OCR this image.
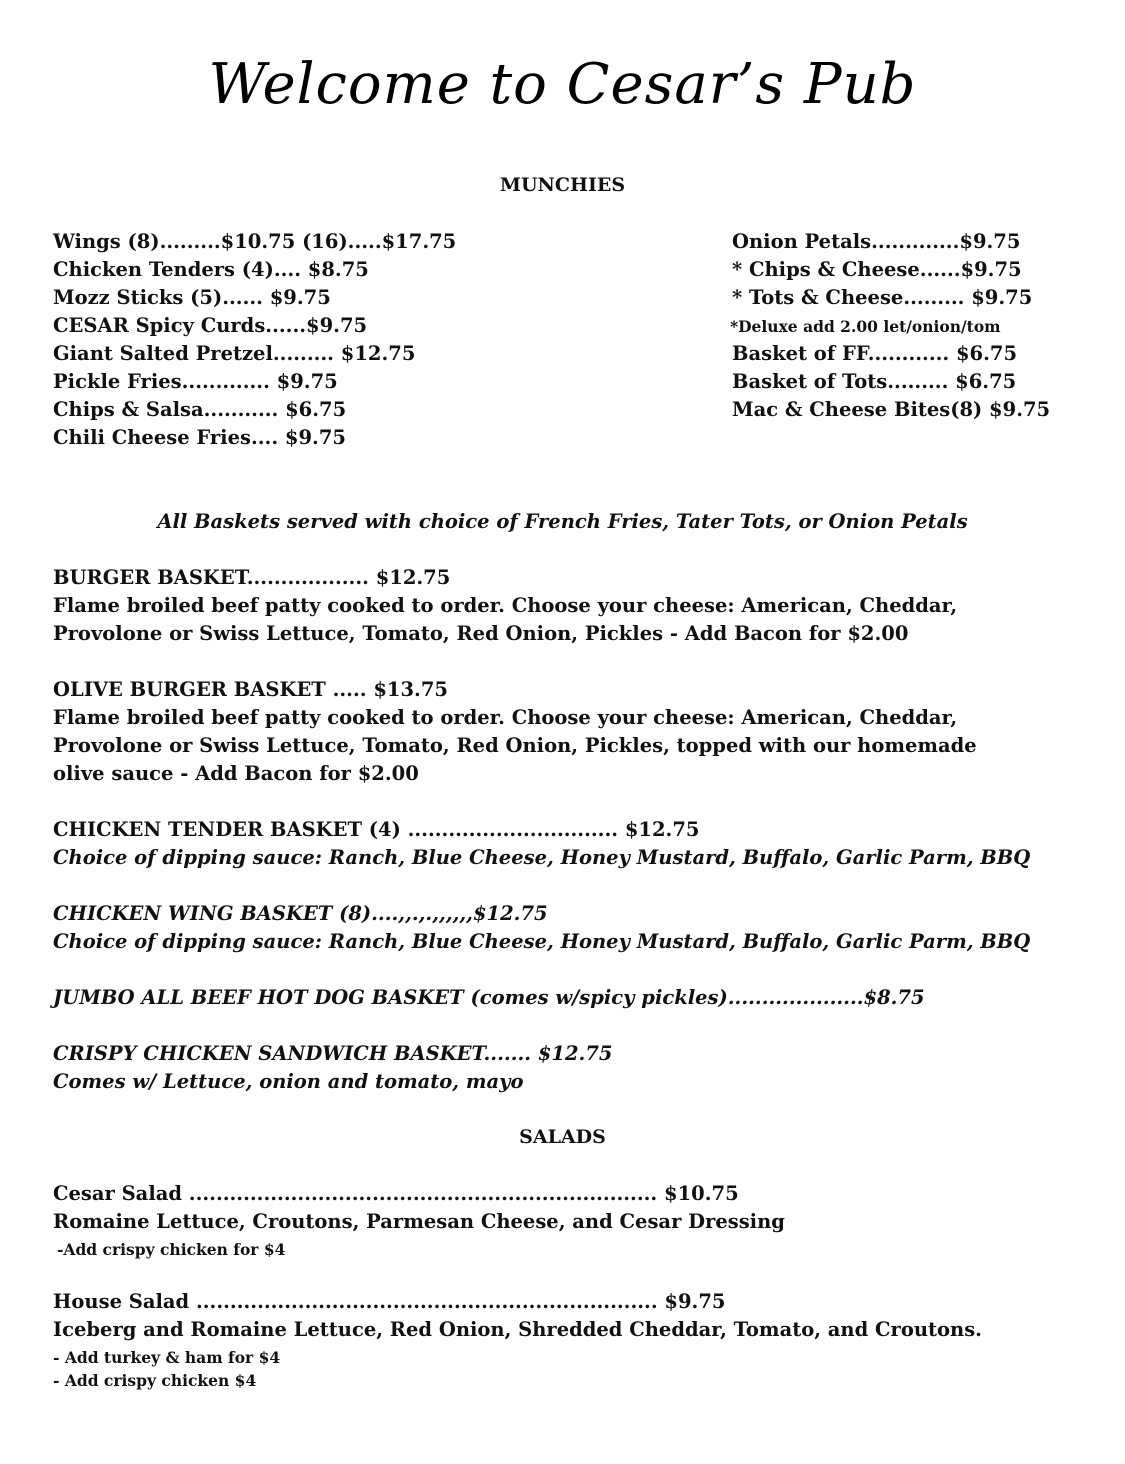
Welcome to Cesar’s Pub
MUNCHIES
Wings (8).........$10.75 (16).....$17.75
Chicken Tenders (4).... $8.75
Mozz Sticks (5)...... $9.75
CESAR Spicy Curds......$9.75
Giant Salted Pretzel......... $12.75
Pickle Fries............. $9.75
Chips & Salsa........... $6.75
Chili Cheese Fries.... $9.75
Onion Petals.............$9.75
* Chips & Cheese......$9.75
* Tots & Cheese......... $9.75
*Deluxe add 2.00 let/onion/tom
Basket of FF............ $6.75
Basket of Tots......... $6.75
Mac & Cheese Bites(8) $9.75
All Baskets served with choice of French Fries, Tater Tots, or Onion Petals
BURGER BASKET.................. $12.75
Flame broiled beef patty cooked to order. Choose your cheese: American, Cheddar,
Provolone or Swiss Lettuce, Tomato, Red Onion, Pickles - Add Bacon for $2.00
OLIVE BURGER BASKET ..... $13.75
Flame broiled beef patty cooked to order. Choose your cheese: American, Cheddar,
Provolone or Swiss Lettuce, Tomato, Red Onion, Pickles, topped with our homemade
olive sauce - Add Bacon for $2.00
CHICKEN TENDER BASKET (4) ............................... $12.75
Choice of dipping sauce: Ranch, Blue Cheese, Honey Mustard, Buffalo, Garlic Parm, BBQ
CHICKEN WING BASKET (8)....,,.,.,,,,,,$12.75
Choice of dipping sauce: Ranch, Blue Cheese, Honey Mustard, Buffalo, Garlic Parm, BBQ
JUMBO ALL BEEF HOT DOG BASKET (comes w/spicy pickles)....................$8.75
CRISPY CHICKEN SANDWICH BASKET....... $12.75
Comes w/ Lettuce, onion and tomato, mayo
SALADS
Cesar Salad ..................................................................... $10.75
Romaine Lettuce, Croutons, Parmesan Cheese, and Cesar Dressing
-Add crispy chicken for $4
House Salad .................................................................... $9.75
Iceberg and Romaine Lettuce, Red Onion, Shredded Cheddar, Tomato, and Croutons.
- Add turkey & ham for $4
- Add crispy chicken $4
